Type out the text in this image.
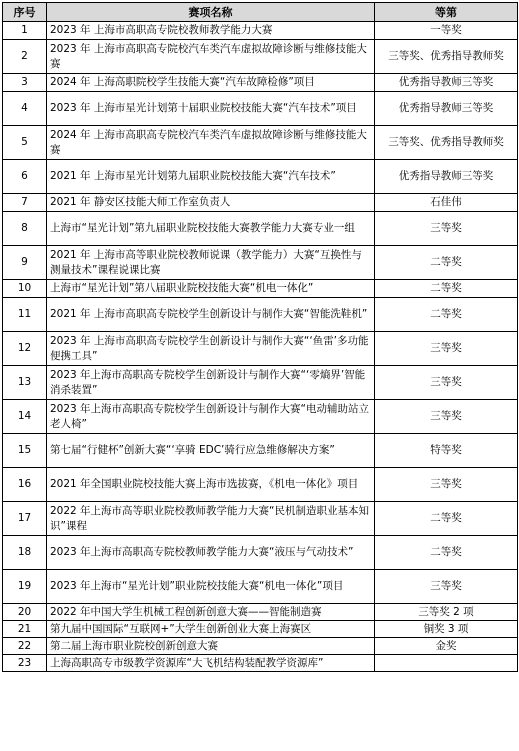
序号	赛项名称	等第
1	2023 年 上海市高职高专院校教师教学能力大赛	一等奖
2	2023 年 上海市高职高专院校汽车类汽车虚拟故障诊断与维修技能大赛	三等奖、优秀指导教师奖
3	2024 年 上海高职院校学生技能大赛“汽车故障检修”项目	优秀指导教师三等奖
4	2023 年 上海市星光计划第十届职业院校技能大赛“汽车技术”项目	优秀指导教师三等奖
5	2024 年 上海市高职高专院校汽车类汽车虚拟故障诊断与维修技能大赛	三等奖、优秀指导教师奖
6	2021 年 上海市星光计划第九届职业院校技能大赛“汽车技术”	优秀指导教师三等奖
7	2021 年 静安区技能大师工作室负责人	石佳伟
8	上海市“星光计划”第九届职业院校技能大赛教学能力大赛专业一组	三等奖
9	2021 年 上海市高等职业院校教师说课（教学能力）大赛“互换性与测量技术”课程说课比赛	二等奖
10	上海市“星光计划”第八届职业院校技能大赛“机电一体化”	二等奖
11	2021 年 上海市高职高专院校学生创新设计与制作大赛“智能洗鞋机”	二等奖
12	2023 年 上海市高职高专院校学生创新设计与制作大赛“‘鱼雷’多功能便携工具”	三等奖
13	2023 年上海市高职高专院校学生创新设计与制作大赛“‘零熵界’智能消杀装置”	三等奖
14	2023 年上海市高职高专院校学生创新设计与制作大赛“电动辅助站立老人椅”	三等奖
15	第七届“行健杯”创新大赛“‘享骑 EDC’骑行应急维修解决方案”	特等奖
16	2021 年全国职业院校技能大赛上海市选拔赛，《机电一体化》项目	三等奖
17	2022 年上海市高等职业院校教师教学能力大赛“民机制造职业基本知识”课程	二等奖
18	2023 年上海市高职高专院校教师教学能力大赛“液压与气动技术”	二等奖
19	2023 年上海市“星光计划”职业院校技能大赛“机电一体化”项目	三等奖
20	2022 年中国大学生机械工程创新创意大赛——智能制造赛	三等奖 2 项
21	第九届中国国际“互联网+”大学生创新创业大赛上海赛区	铜奖 3 项
22	第二届上海市职业院校创新创意大赛	金奖
23	上海高职高专市级教学资源库“大飞机结构装配教学资源库”	
